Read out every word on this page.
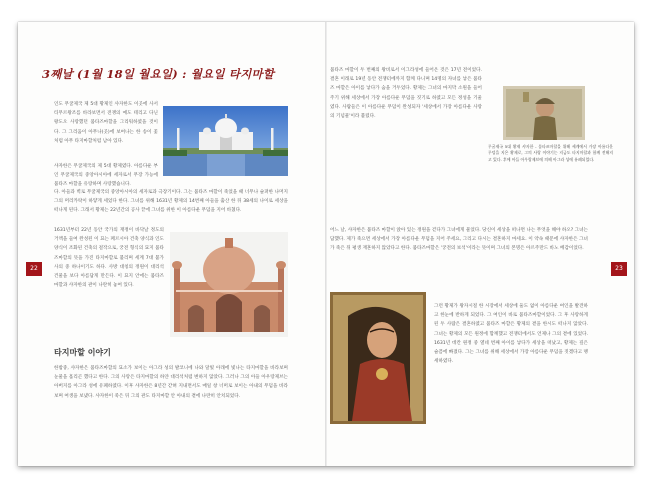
22	23
3째날 (1월 18일 월요일) : 월요일 타지마할
인도 무굴제국 제 5대 황제인 샤자한도 이곳에 사서 티무르왕조를 바라보면서 전쟁의 예도 테리고 다닌 왕도오 사랑했던 뭄타즈마할을 그리워하였을 것이다. 그 그리움이 아무나(곳)에 보여나는 한 송이 꽃처럼 아무 타지마할처럼 남아 있다.
샤자한은 무굴제국의 제 5대 황제였다. 아름다운 부인 무굴제국의 중앙아시아에 세자로서 무장 가능에 뭄타즈 마할을 유랑하며 사랑했습니다.
다. 아들과 벽로 무굴제국의 중앙아시아의 세자로과 극장기이다. 그는 뭄타즈 마할이 죽었을 때 너무나 슬퍼한 나머지 그의 머리카락이 하얗게 세었다 한다. 그녀를 위해 1631년 황제의 14번째 아들을 출산 한 뒤 38세의 나이로 세상을 떠나게 된다. 그래서 황제는 22년간의 공사 끝에 그녀를 위한 이 아름다운 무덤을 지어 바쳤다.
1631년부터 22년 동안 국가의 재정이 바닥날 정도의 거액을 들여 완성된 이 묘는 페르시아 건축 양식과 인도 양식이 조화된 건축의 걸작으로, 궁전 형식의 묘지 뭄타즈마할의 뜻을 가진 타지마할로 불리며 세계 7대 불가사의 중 하나이기도 하다. 사방 대칭의 정원이 대리석 건물을 보다 아름답게 만든다. 이 묘지 안에는 뭄타즈 마할과 샤자한의 관이 나란히 놓여 있다.
타지마할 이야기
한밤중, 샤자한은 뭄타즈마할의 묘소가 보이는 아그라 성의 발코니에 나와 달빛 아래에 빛나는 타지마할을 바라보며 눈물을 흘리곤 했다고 한다. 그의 사랑은 타지마할의 하얀 대리석처럼 변하지 않았다. 그러나 그의 아들 아우랑제브는 아버지를 아그라 성에 유폐하였다. 이후 샤자한은 8년간 갇혀 지내면서도 매일 창 너머로 보이는 아내의 무덤을 바라보며 여생을 보냈다. 샤자한이 죽은 뒤 그의 관도 타지마할 안 아내의 곁에 나란히 안치되었다.
뭄타즈 마할이 두 번째의 왕비로서 이그라성에 들어온 것은 17년 전이었다. 결혼 이래로 19년 동안 전쟁터에까지 함께 다니며 14명의 자녀를 낳은 뭄타즈 마할은 아이를 낳다가 숨을 거두었다. 황제는 그녀의 마지막 소원을 들어 주기 위해 세상에서 가장 아름다운 무덤을 짓기로 하였고 모든 정성을 기울였다. 사람들은 이 아름다운 무덤이 완성되자 '세상에서 가장 아름다운 사랑의 기념물'이라 불렀다.
무굴제국 5대 황제 샤자한 - 뭄타즈마할을 위해 세계에서 가장 아름다운 무덤을 지은 황제로, 그의 사랑 이야기는 지금도 타지마할과 함께 전해지고 있다. 후에 아들 아우랑제브에 의해 아그라 성에 유폐되었다.
어느 날, 샤자한은 뭄타즈 마할이 앉아 있는 정원을 걷다가 그녀에게 물었다. 당신이 세상을 떠나면 나는 무엇을 해야 하오? 그녀는 답했다. 제가 죽으면 세상에서 가장 아름다운 무덤을 지어 주세요, 그리고 다시는 결혼하지 마세요. 이 약속 때문에 샤자한은 그녀가 죽은 뒤 평생 재혼하지 않았다고 한다. 뭄타즈마할은 '궁전의 보석'이라는 뜻이며 그녀의 본명은 아르주만드 바노 베감이었다.
그런 황제가 왕자시절 한 시장에서 세상에 둘도 없이 아름다운 여인을 발견하고 한눈에 반하게 되었다. 그 여인이 바로 뭄타즈마할이었다. 그 후 사랑하게 된 두 사람은 결혼하였고 뭄타즈 마할은 황제의 곁을 한시도 떠나지 않았다. 그녀는 황제의 모든 원정에 함께했고 전쟁터에서도 언제나 그의 곁에 있었다. 1631년 데칸 원정 중 열네 번째 아이를 낳다가 세상을 떠났고, 황제는 깊은 슬픔에 빠졌다. 그는 그녀를 위해 세상에서 가장 아름다운 무덤을 짓겠다고 맹세하였다.
